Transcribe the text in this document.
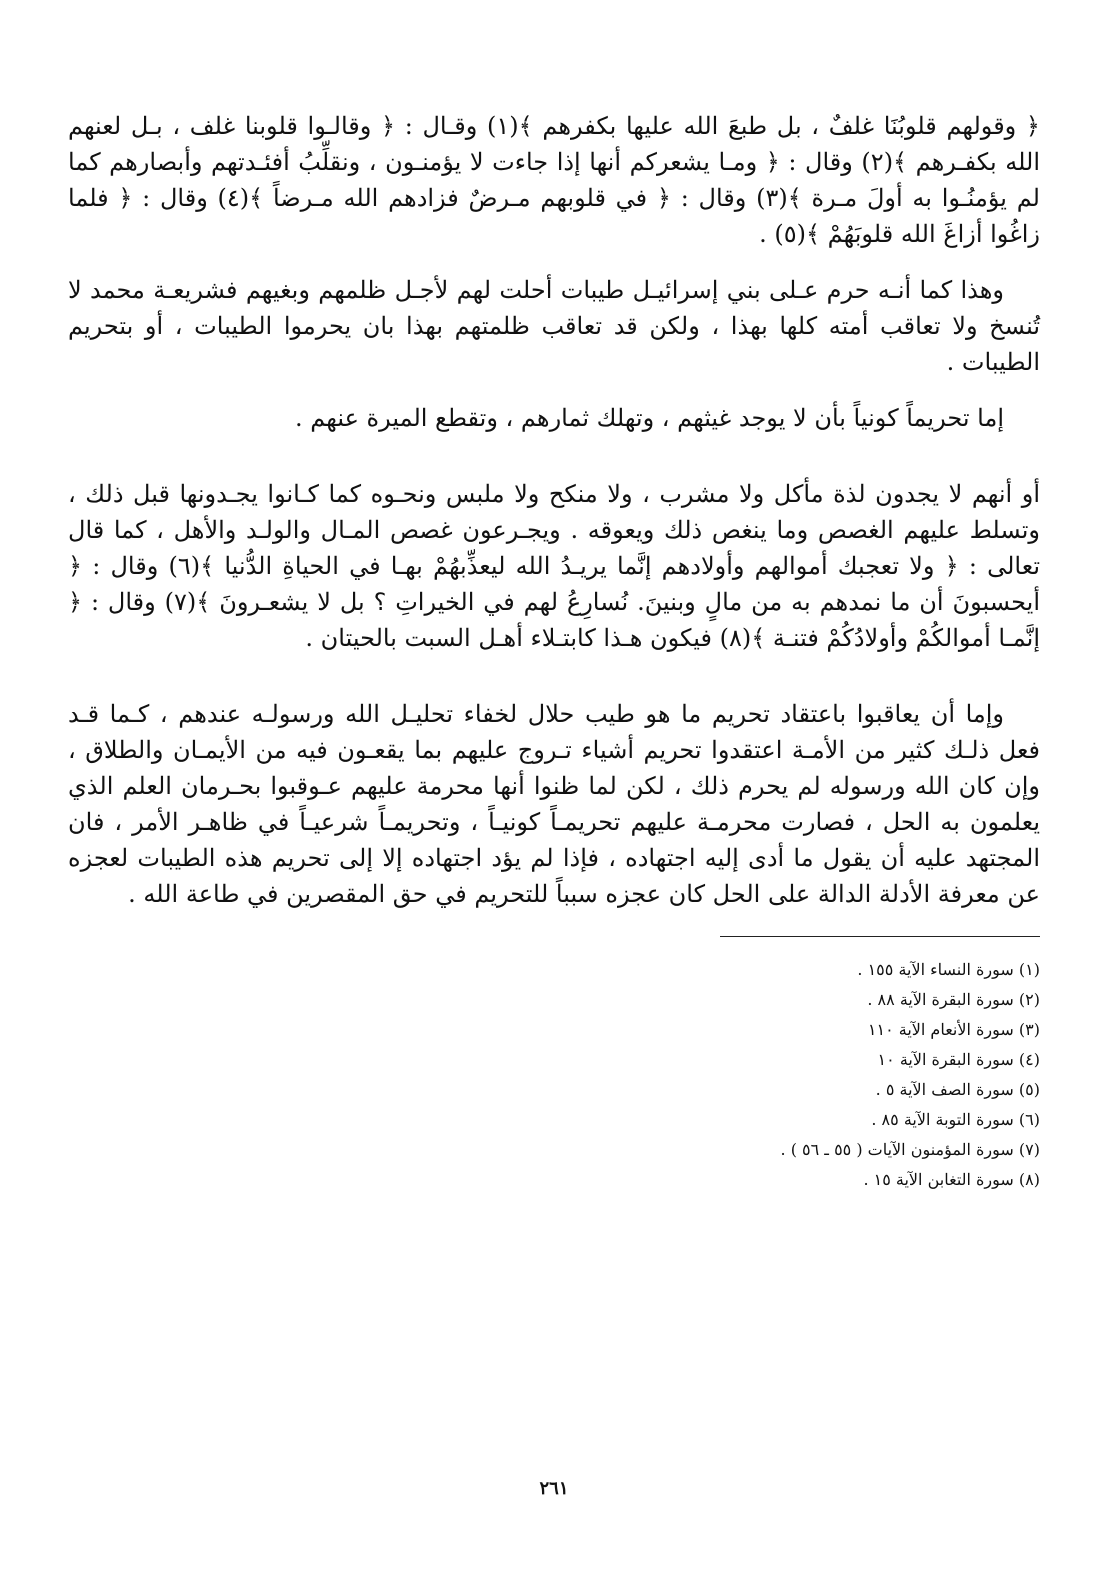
﴿ وقولهم قلوبُنَا غلفٌ ، بل طبعَ الله عليها بكفرهم ﴾(١) وقـال : ﴿ وقالـوا قلوبنا غلف ، بـل لعنهم الله بكفـرهم ﴾(٢) وقال : ﴿ ومـا يشعركم أنها إذا جاءت لا يؤمنـون ، ونقلِّبُ أفئـدتهم وأبصارهم كما لم يؤمنُـوا به أولَ مـرة ﴾(٣) وقال : ﴿ في قلوبهم مـرضٌ فزادهم الله مـرضاً ﴾(٤) وقال : ﴿ فلما زاغُوا أزاغَ الله قلوبَهُمْ ﴾(٥) .

وهذا كما أنـه حرم عـلى بني إسرائيـل طيبات أحلت لهم لأجـل ظلمهم وبغيهم فشريعـة محمد لا تُنسخ ولا تعاقب أمته كلها بهذا ، ولكن قد تعاقب ظلمتهم بهذا بان يحرموا الطيبات ، أو بتحريم الطيبات .

إما تحريماً كونياً بأن لا يوجد غيثهم ، وتهلك ثمارهم ، وتقطع الميرة عنهم .

أو أنهم لا يجدون لذة مأكل ولا مشرب ، ولا منكح ولا ملبس ونحـوه كما كـانوا يجـدونها قبل ذلك ، وتسلط عليهم الغصص وما ينغص ذلك ويعوقه . ويجـرعون غصص المـال والولـد والأهل ، كما قال تعالى : ﴿ ولا تعجبك أموالهم وأولادهم إنَّما يريـدُ الله ليعذِّبهُمْ بهـا في الحياةِ الدُّنيا ﴾(٦) وقال : ﴿ أيحسبونَ أن ما نمدهم به من مالٍ وبنينَ. نُسارِعُ لهم في الخيراتِ ؟ بل لا يشعـرونَ ﴾(٧) وقال : ﴿ إنَّمـا أموالكُمْ وأولادُكُمْ فتنـة ﴾(٨) فيكون هـذا كابتـلاء أهـل السبت بالحيتان .

وإما أن يعاقبوا باعتقاد تحريم ما هو طيب حلال لخفاء تحليـل الله ورسولـه عندهم ، كـما قـد فعل ذلـك كثير من الأمـة اعتقدوا تحريم أشياء تـروج عليهم بما يقعـون فيه من الأيمـان والطلاق ، وإن كان الله ورسوله لم يحرم ذلك ، لكن لما ظنوا أنها محرمة عليهم عـوقبوا بحـرمان العلم الذي يعلمون به الحل ، فصارت محرمـة عليهم تحريمـاً كونيـاً ، وتحريمـاً شرعيـاً في ظاهـر الأمر ، فان المجتهد عليه أن يقول ما أدى إليه اجتهاده ، فإذا لم يؤد اجتهاده إلا إلى تحريم هذه الطيبات لعجزه عن معرفة الأدلة الدالة على الحل كان عجزه سبباً للتحريم في حق المقصرين في طاعة الله .

(١) سورة النساء الآية ١٥٥ .
(٢) سورة البقرة الآية ٨٨ .
(٣) سورة الأنعام الآية ١١٠
(٤) سورة البقرة الآية ١٠
(٥) سورة الصف الآية ٥ .
(٦) سورة التوبة الآية ٨٥ .
(٧) سورة المؤمنون الآيات ( ٥٥ ـ ٥٦ ) .
(٨) سورة التغابن الآية ١٥ .
٢٦١
